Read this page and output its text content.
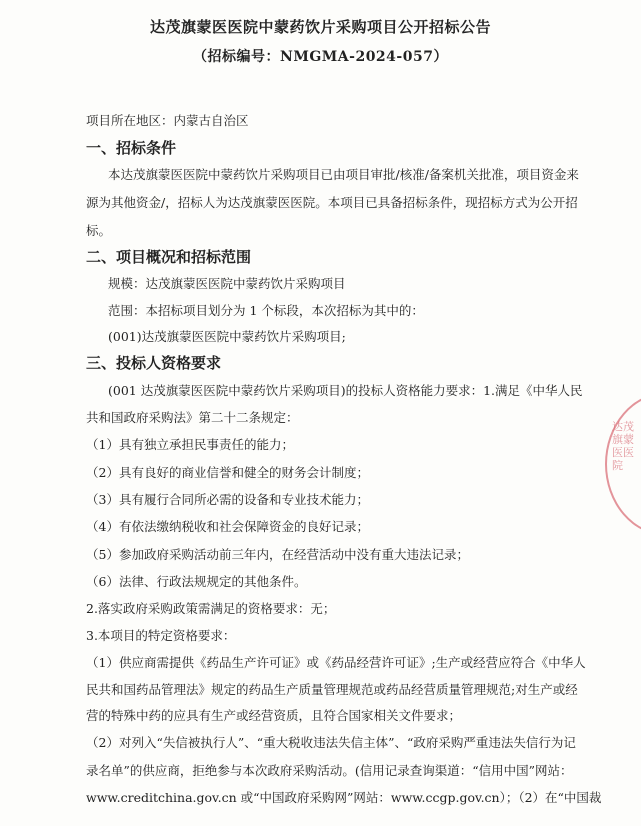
达茂旗蒙医医院中蒙药饮片采购项目公开招标公告
（招标编号：NMGMA-2024-057）
项目所在地区：内蒙古自治区
一、招标条件
本达茂旗蒙医医院中蒙药饮片采购项目已由项目审批/核准/备案机关批准，项目资金来
源为其他资金/，招标人为达茂旗蒙医医院。本项目已具备招标条件，现招标方式为公开招
标。
二、项目概况和招标范围
规模：达茂旗蒙医医院中蒙药饮片采购项目
范围：本招标项目划分为 1 个标段，本次招标为其中的：
(001)达茂旗蒙医医院中蒙药饮片采购项目;
三、投标人资格要求
(001 达茂旗蒙医医院中蒙药饮片采购项目)的投标人资格能力要求：1.满足《中华人民
共和国政府采购法》第二十二条规定：
（1）具有独立承担民事责任的能力；
（2）具有良好的商业信誉和健全的财务会计制度；
（3）具有履行合同所必需的设备和专业技术能力；
（4）有依法缴纳税收和社会保障资金的良好记录；
（5）参加政府采购活动前三年内，在经营活动中没有重大违法记录；
（6）法律、行政法规规定的其他条件。
2.落实政府采购政策需满足的资格要求：无；
3.本项目的特定资格要求：
（1）供应商需提供《药品生产许可证》或《药品经营许可证》;生产或经营应符合《中华人
民共和国药品管理法》规定的药品生产质量管理规范或药品经营质量管理规范;对生产或经
营的特殊中药的应具有生产或经营资质，且符合国家相关文件要求；
（2）对列入“失信被执行人”、“重大税收违法失信主体”、“政府采购严重违法失信行为记
录名单”的供应商，拒绝参与本次政府采购活动。(信用记录查询渠道：“信用中国”网站：
www.creditchina.gov.cn 或“中国政府采购网”网站：www.ccgp.gov.cn）；（2）在“中国裁
达茂旗蒙医医院
